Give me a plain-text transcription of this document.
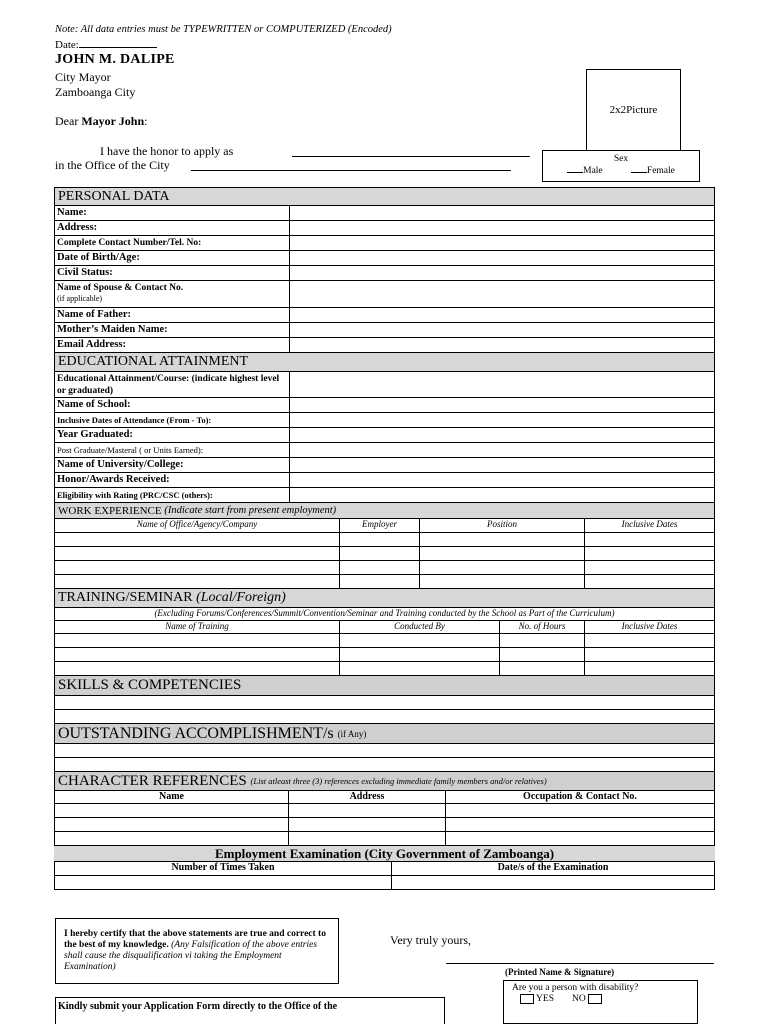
Note: All data entries must be TYPEWRITTEN or COMPUTERIZED (Encoded)
Date:
JOHN M. DALIPE
City Mayor
Zamboanga City
Dear Mayor John:
I have the honor to apply as
in the Office of the City
2x2Picture
Sex
Male	Female
PERSONAL DATA
Name:
Address:
Complete Contact Number/Tel. No:
Date of Birth/Age:
Civil Status:
Name of Spouse & Contact No.
(if applicable)
Name of Father:
Mother’s Maiden Name:
Email Address:
EDUCATIONAL ATTAINMENT
Educational Attainment/Course: (indicate highest level or graduated)
Name of School:
Inclusive Dates of Attendance (From - To):
Year Graduated:
Post Graduate/Masteral ( or Units Earned):
Name of University/College:
Honor/Awards Received:
Eligibility with Rating (PRC/CSC (others):
WORK EXPERIENCE
(Indicate start from present employment)
Name of Office/Agency/Company	Employer	Position	Inclusive Dates
TRAINING/SEMINAR
(Local/Foreign)
(Excluding Forums/Conferences/Summit/Convention/Seminar and Training conducted by the School as Part of the Curriculum)
Name of Training	Conducted By	No. of Hours	Inclusive Dates
SKILLS & COMPETENCIES
OUTSTANDING ACCOMPLISHMENT/s
(if Any)
CHARACTER REFERENCES
(List atleast three (3) references excluding immediate family members and/or relatives)
Name	Address	Occupation & Contact No.
Employment Examination (City Government of Zamboanga)
Number of Times Taken	Date/s of the Examination
I hereby certify that the above statements are true and correct to the best of my knowledge. (Any Falsification of the above entries shall cause the disqualification vi taking the Employment Examination)
Very truly yours,
(Printed Name & Signature)
Are you a person with disability?
YES NO
Kindly submit your Application Form directly to the Office of the
